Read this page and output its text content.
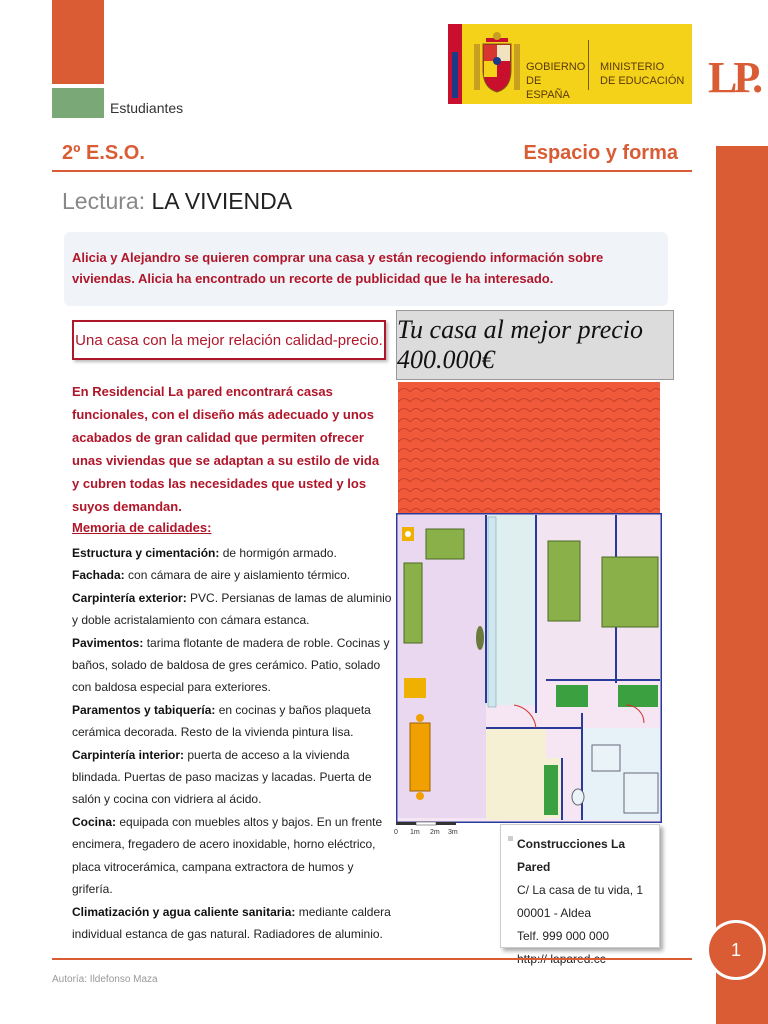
Estudiantes
GOBIERNO
DE ESPAÑA
MINISTERIO
DE EDUCACIÓN LP.
2º E.S.O.	Espacio y forma
Lectura: LA VIVIENDA
Alicia y Alejandro se quieren comprar una casa y están recogiendo información sobre viviendas. Alicia ha encontrado un recorte de publicidad que le ha interesado.
Una casa con la mejor relación calidad-precio. Tu casa al mejor precio 400.000€
En Residencial La pared encontrará casas funcionales, con el diseño más adecuado y unos acabados de gran calidad que permiten ofrecer unas viviendas que se adaptan a su estilo de vida y cubren todas las necesidades que usted y los suyos demandan.
Memoria de calidades:
Estructura y cimentación: de hormigón armado.
Fachada: con cámara de aire y aislamiento térmico.
Carpintería exterior: PVC. Persianas de lamas de aluminio y doble acristalamiento con cámara estanca.
Pavimentos: tarima flotante de madera de roble. Cocinas y baños, solado de baldosa de gres cerámico. Patio, solado con baldosa especial para exteriores.
Paramentos y tabiquería: en cocinas y baños plaqueta cerámica decorada. Resto de la vivienda pintura lisa.
Carpintería interior: puerta de acceso a la vivienda blindada. Puertas de paso macizas y lacadas. Puerta de salón y cocina con vidriera al ácido.
Cocina: equipada con muebles altos y bajos. En un frente encimera, fregadero de acero inoxidable, horno eléctrico, placa vitrocerámica, campana extractora de humos y grifería.
Climatización y agua caliente sanitaria: mediante caldera individual estanca de gas natural. Radiadores de aluminio.
0 1m 2m 3m
Construcciones La Pared
C/ La casa de tu vida, 1
00001 - Aldea
Telf. 999 000 000
Autoría: Ildefonso Maza
1
